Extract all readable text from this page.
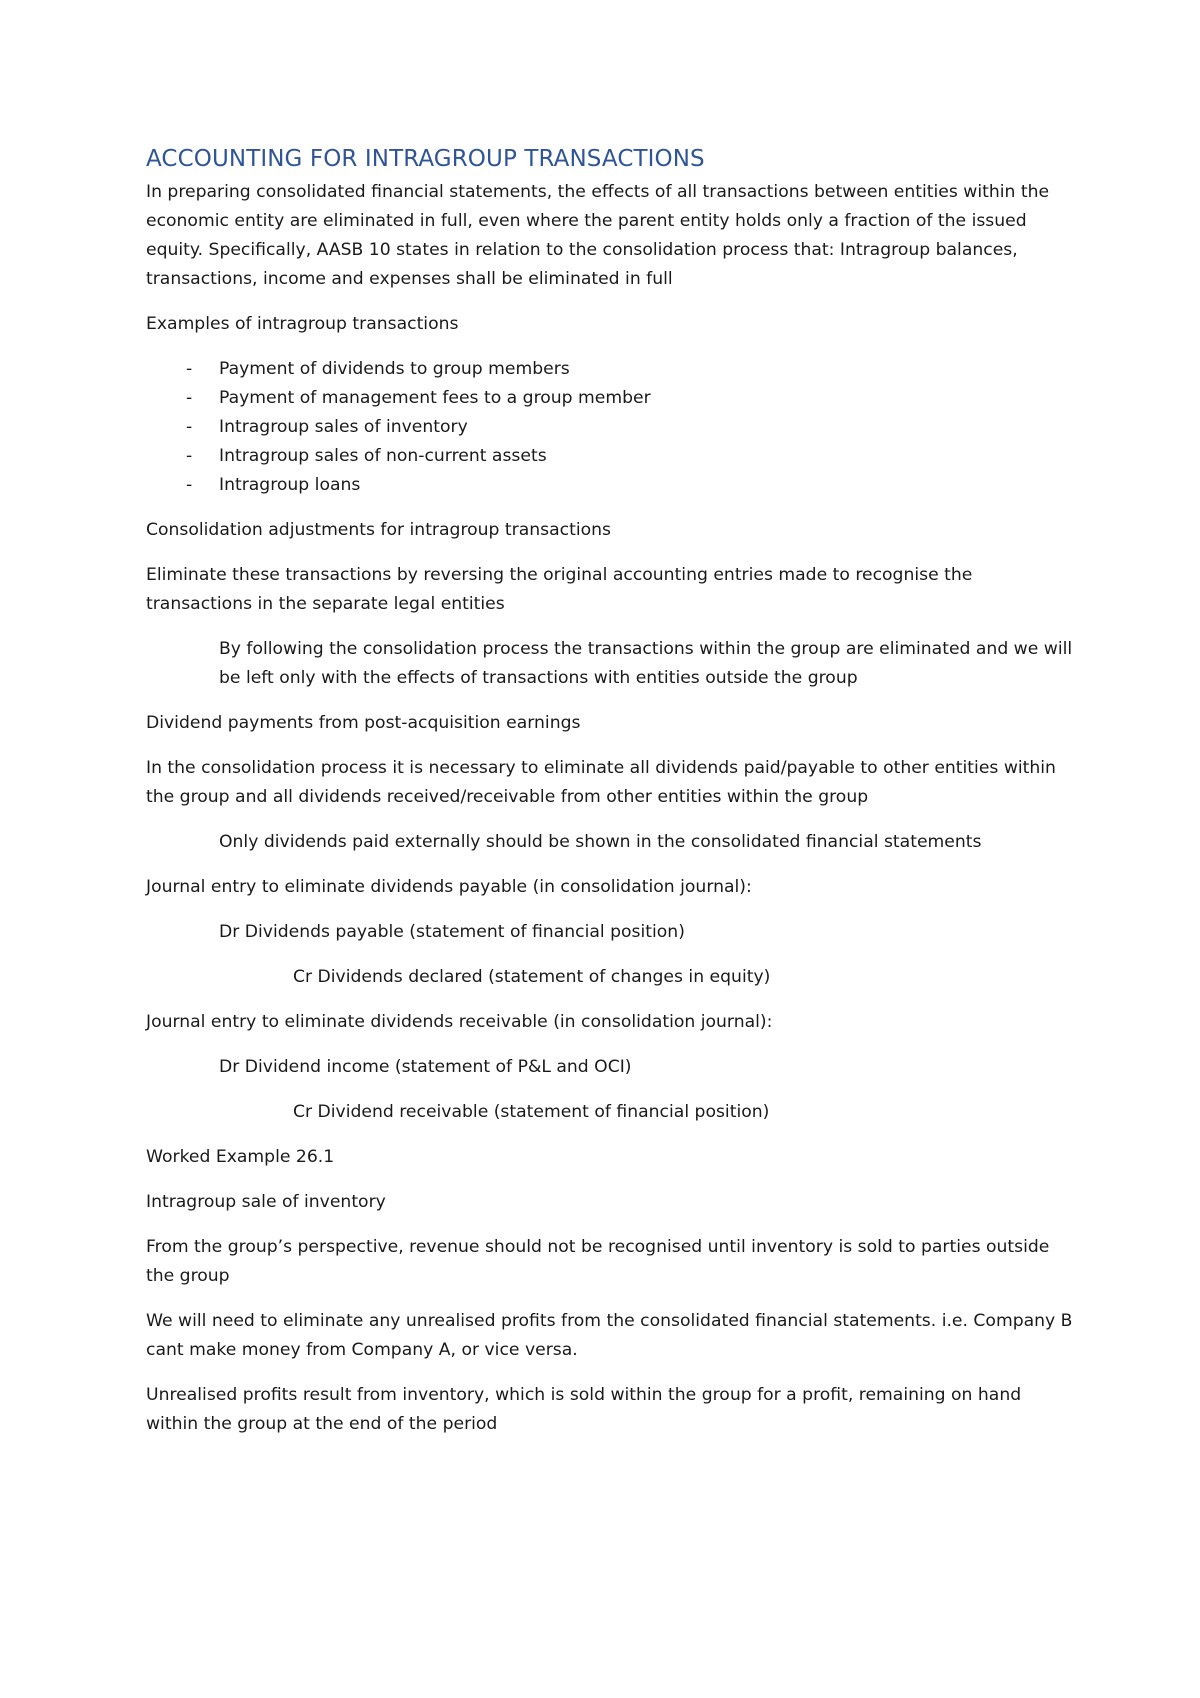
ACCOUNTING FOR INTRAGROUP TRANSACTIONS

In preparing consolidated financial statements, the effects of all transactions between entities within the economic entity are eliminated in full, even where the parent entity holds only a fraction of the issued equity. Specifically, AASB 10 states in relation to the consolidation process that: Intragroup balances, transactions, income and expenses shall be eliminated in full

Examples of intragroup transactions

- Payment of dividends to group members
- Payment of management fees to a group member
- Intragroup sales of inventory
- Intragroup sales of non-current assets
- Intragroup loans

Consolidation adjustments for intragroup transactions

Eliminate these transactions by reversing the original accounting entries made to recognise the transactions in the separate legal entities

By following the consolidation process the transactions within the group are eliminated and we will be left only with the effects of transactions with entities outside the group

Dividend payments from post-acquisition earnings

In the consolidation process it is necessary to eliminate all dividends paid/payable to other entities within the group and all dividends received/receivable from other entities within the group

Only dividends paid externally should be shown in the consolidated financial statements

Journal entry to eliminate dividends payable (in consolidation journal):

Dr Dividends payable (statement of financial position)

Cr Dividends declared (statement of changes in equity)

Journal entry to eliminate dividends receivable (in consolidation journal):

Dr Dividend income (statement of P&L and OCI)

Cr Dividend receivable (statement of financial position)

Worked Example 26.1

Intragroup sale of inventory

From the group’s perspective, revenue should not be recognised until inventory is sold to parties outside the group

We will need to eliminate any unrealised profits from the consolidated financial statements. i.e. Company B cant make money from Company A, or vice versa.

Unrealised profits result from inventory, which is sold within the group for a profit, remaining on hand within the group at the end of the period
